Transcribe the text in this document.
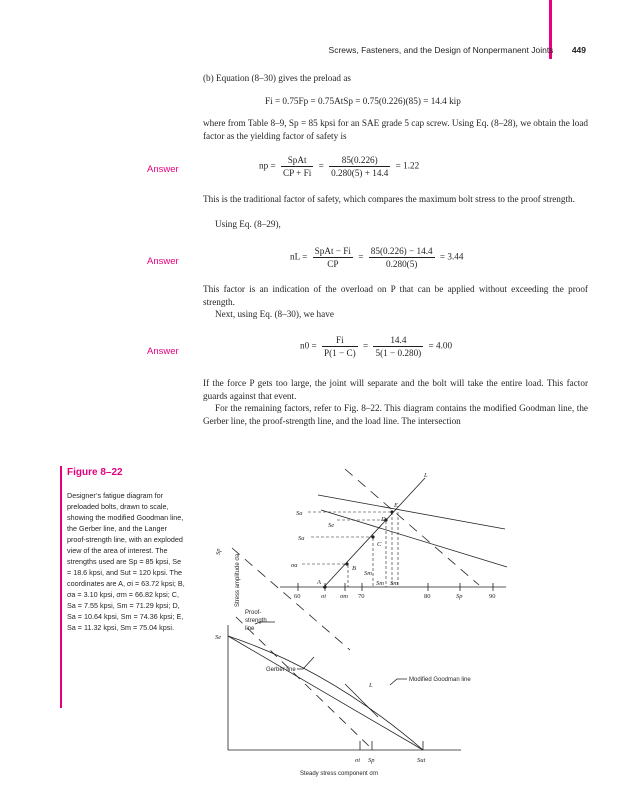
Screws, Fasteners, and the Design of Nonpermanent Joints 449
(b) Equation (8–30) gives the preload as
Fi = 0.75Fp = 0.75AtSp = 0.75(0.226)(85) = 14.4 kip
where from Table 8–9, Sp = 85 kpsi for an SAE grade 5 cap screw. Using Eq. (8–28), we obtain the load factor as the yielding factor of safety is
Answer	np = $\frac{\text{SpAt}}{CP + Fi} = \frac{85(0.226)}{0.280(5) + 14.4} = 1.22$
This is the traditional factor of safety, which compares the maximum bolt stress to the proof strength.
Using Eq. (8–29),
Answer	nL = $\frac{\text{SpAt − Fi}}{CP} = \frac{85(0.226) - 14.4}{0.280(5)} = 3.44$
This factor is an indication of the overload on P that can be applied without exceeding the proof strength.
Next, using Eq. (8–30), we have
Answer
$n0 = \frac{Fi}{P(1 - C)} = \frac{14.4}{5(1 - 0.280)} = 4.00$
If the force P gets too large, the joint will separate and the bolt will take the entire load. This factor guards against that event.
For the remaining factors, refer to Fig. 8–22. This diagram contains the modified Goodman line, the Gerber line, the proof-strength line, and the load line. The intersection
Figure 8–22
Designer’s fatigue diagram for preloaded bolts, drawn to scale, showing the modified Goodman line, the Gerber line, and the Langer proof-strength line, with an exploded view of the area of interest. The strengths used are Sp = 85 kpsi, Se = 18.6 kpsi, and Sut = 120 kpsi. The coordinates are A, σi = 63.72 kpsi; B, σa = 3.10 kpsi, σm = 66.82 kpsi; C, Sa = 7.55 kpsi, Sm = 71.29 kpsi; D, Sa = 10.64 kpsi, Sm = 74.36 kpsi; E, Sa = 11.32 kpsi, Sm = 75.04 kpsi.
L
E
D
C
B
A
Sa
Se
Sa
σa
Sm
Sm Sm
Sp
60	σi σm 70	80	Sp	90
Se
L
σi Sp	Sut
Proof-strength line
Gerber line
Modified Goodman line
Stress amplitude σa
Steady stress component σm
